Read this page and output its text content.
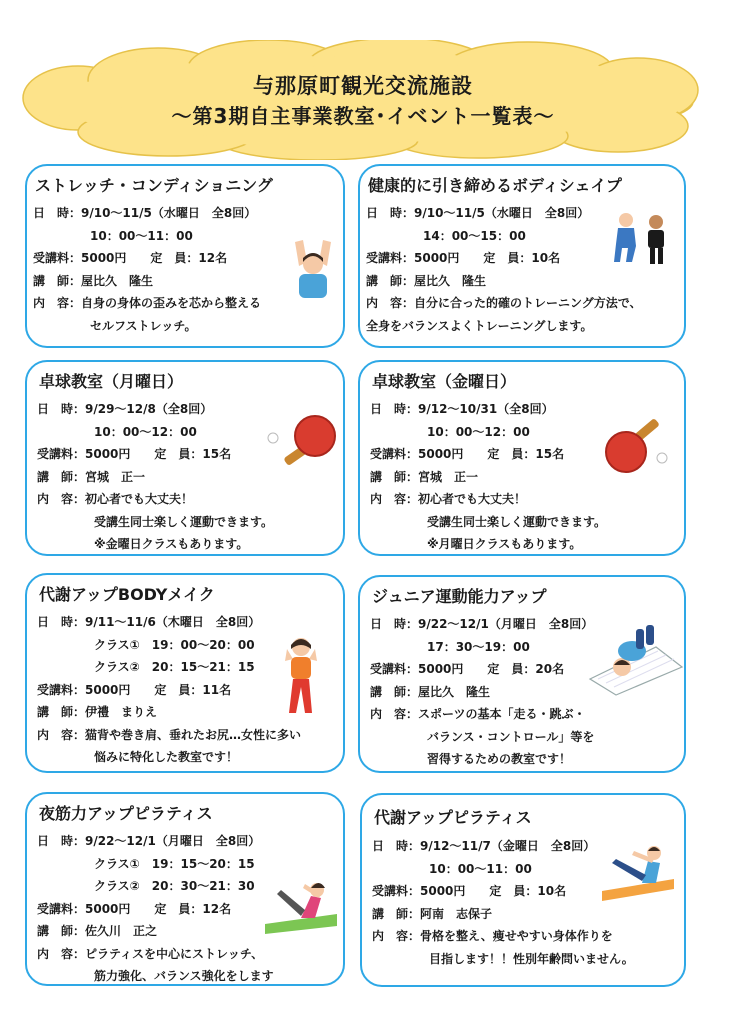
与那原町観光交流施設
～第3期自主事業教室･イベント一覧表～
ストレッチ・コンディショニング
日　時：9/10～11/5（水曜日　全8回）
10：00～11：00
受講料：5000円　　定　員：12名
講　師：屋比久　隆生
内　容：自身の身体の歪みを芯から整える
セルフストレッチ。
健康的に引き締めるボディシェイプ
日　時：9/10～11/5（水曜日　全8回）
14：00～15：00
受講料：5000円　　定　員：10名
講　師：屋比久　隆生
内　容：自分に合った的確のトレーニング方法で、
全身をバランスよくトレーニングします。
卓球教室（月曜日）
日　時：9/29～12/8（全8回）
10：00～12：00
受講料：5000円　　定　員：15名
講　師：宮城　正一
内　容：初心者でも大丈夫！
受講生同士楽しく運動できます。
※金曜日クラスもあります。
卓球教室（金曜日）
日　時：9/12～10/31（全8回）
10：00～12：00
受講料：5000円　　定　員：15名
講　師：宮城　正一
内　容：初心者でも大丈夫！
受講生同士楽しく運動できます。
※月曜日クラスもあります。
代謝アップBODYメイク
日　時：9/11～11/6（木曜日　全8回）
クラス①　19：00～20：00
クラス②　20：15～21：15
受講料：5000円　　定　員：11名
講　師：伊禮　まりえ
内　容：猫背や巻き肩、垂れたお尻…女性に多い
悩みに特化した教室です！
ジュニア運動能力アップ
日　時：9/22～12/1（月曜日　全8回）
17：30～19：00
受講料：5000円　　定　員：20名
講　師：屋比久　隆生
内　容：スポーツの基本「走る・跳ぶ・
バランス・コントロール」等を
習得するための教室です！
夜筋力アップピラティス
日　時：9/22～12/1（月曜日　全8回）
クラス①　19：15～20：15
クラス②　20：30～21：30
受講料：5000円　　定　員：12名
講　師：佐久川　正之
内　容：ピラティスを中心にストレッチ、
筋力強化、バランス強化をします
代謝アップピラティス
日　時：9/12～11/7（金曜日　全8回）
10：00～11：00
受講料：5000円　　定　員：10名
講　師：阿南　志保子
内　容：骨格を整え、痩せやすい身体作りを
目指します！！性別年齢問いません。
